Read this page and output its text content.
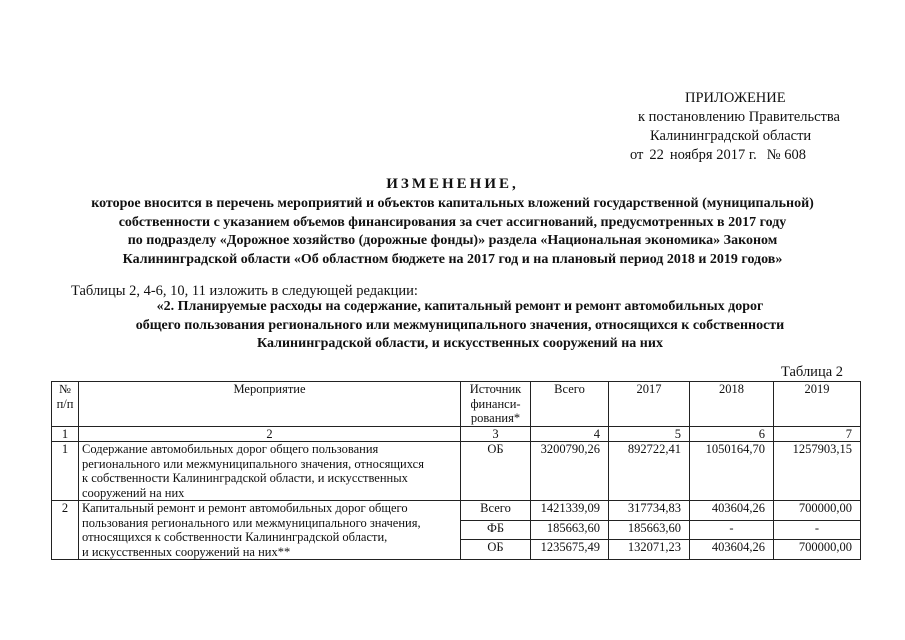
ПРИЛОЖЕНИЕ
к постановлению Правительства
Калининградской области
от 22 ноября 2017 г. № 608
ИЗМЕНЕНИЕ,
которое вносится в перечень мероприятий и объектов капитальных вложений государственной (муниципальной)
собственности с указанием объемов финансирования за счет ассигнований, предусмотренных в 2017 году
по подразделу «Дорожное хозяйство (дорожные фонды)» раздела «Национальная экономика» Законом
Калининградской области «Об областном бюджете на 2017 год и на плановый период 2018 и 2019 годов»
Таблицы 2, 4-6, 10, 11 изложить в следующей редакции:
«2. Планируемые расходы на содержание, капитальный ремонт и ремонт автомобильных дорог
общего пользования регионального или межмуниципального значения, относящихся к собственности
Калининградской области, и искусственных сооружений на них
Таблица 2
№
п/п	Мероприятие	Источник
финанси-
рования*	Всего	2017	2018	2019
1	2	3	4	5	6	7
1	Содержание автомобильных дорог общего пользования
регионального или межмуниципального значения, относящихся
к собственности Калининградской области, и искусственных
сооружений на них	ОБ	3200790,26	892722,41	1050164,70	1257903,15
2	Капитальный ремонт и ремонт автомобильных дорог общего
пользования регионального или межмуниципального значения,
относящихся к собственности Калининградской области,
и искусственных сооружений на них**	Всего	1421339,09	317734,83	403604,26	700000,00
		ФБ	185663,60	185663,60	-	-
		ОБ	1235675,49	132071,23	403604,26	700000,00
